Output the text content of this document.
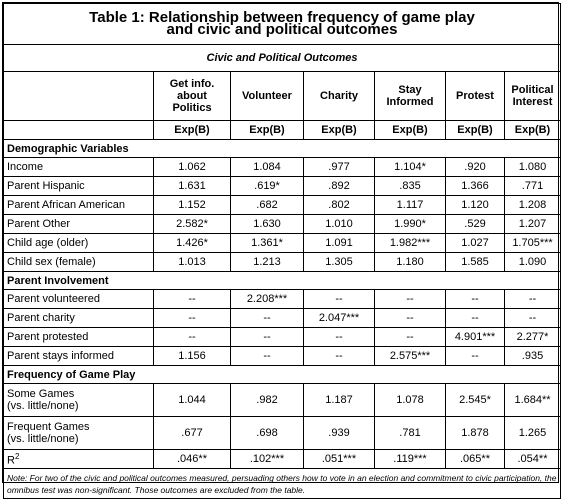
Table 1: Relationship between frequency of game play
and civic and political outcomes						

Civic and Political Outcomes						
	Get info. about Politics	Volunteer	Charity	Stay Informed	Protest	Political Interest
	Exp(B)	Exp(B)	Exp(B)	Exp(B)	Exp(B)	Exp(B)
Demographic Variables						
Income	1.062	1.084	.977	1.104*	.920	1.080
Parent Hispanic	1.631	.619*	.892	.835	1.366	.771
Parent African American	1.152	.682	.802	1.117	1.120	1.208
Parent Other	2.582*	1.630	1.010	1.990*	.529	1.207
Child age (older)	1.426*	1.361*	1.091	1.982***	1.027	1.705***
Child sex (female)	1.013	1.213	1.305	1.180	1.585	1.090
Parent Involvement						
Parent volunteered	--	2.208***	--	--	--	--
Parent charity	--	--	2.047***	--	--	--
Parent protested	--	--	--	--	4.901***	2.277*
Parent stays informed	1.156	--	--	2.575***	--	.935
Frequency of Game Play						

Some Games
(vs. little/none)	1.044	.982	1.187	1.078	2.545*	1.684**

Frequent Games
(vs. little/none)	.677	.698	.939	.781	1.878	1.265
$R^2$	.046**	.102***	.051***	.119***	.065**	.054**
Note: For two of the civic and political outcomes measured, persuading others how to vote in an election and commitment to civic participation, the omnibus test was non-significant. Those outcomes are excluded from the table.						
